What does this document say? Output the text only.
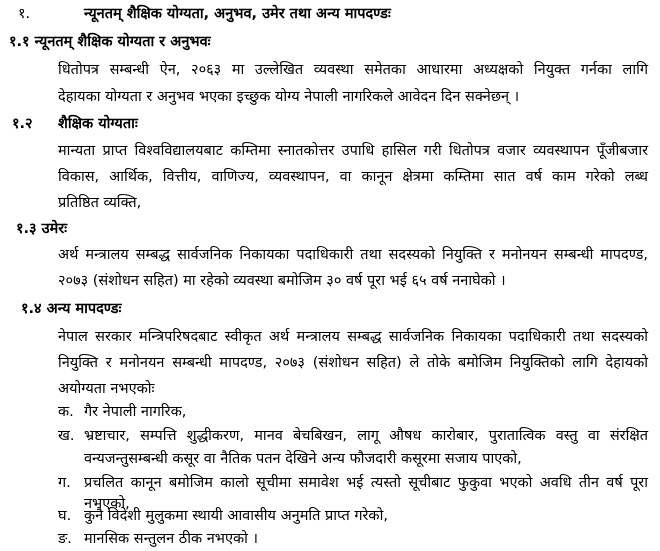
१.	न्यूनतम् शैक्षिक योग्यता, अनुभव, उमेर तथा अन्य मापदण्डः
१.१ न्यूनतम् शैक्षिक योग्यता र अनुभवः
धितोपत्र सम्बन्धी ऐन, २०६३ मा उल्लेखित व्यवस्था समेतका आधारमा अध्यक्षको नियुक्त गर्नका लागि
देहायका योग्यता र अनुभव भएका इच्छुक योग्य नेपाली नागरिकले आवेदन दिन सक्नेछन् ।
१.२ शैक्षिक योग्यताः
मान्यता प्राप्त विश्वविद्यालयबाट कम्तिमा स्नातकोत्तर उपाधि हासिल गरी धितोपत्र वजार व्यवस्थापन पूँजीबजार
विकास, आर्थिक, वित्तीय, वाणिज्य, व्यवस्थापन, वा कानून क्षेत्रमा कम्तिमा सात वर्ष काम गरेको लब्ध
प्रतिष्ठित व्यक्ति,
१.३ उमेरः
अर्थ मन्त्रालय सम्बद्ध सार्वजनिक निकायका पदाधिकारी तथा सदस्यको नियुक्ति र मनोनयन सम्बन्धी मापदण्ड,
२०७३ (संशोधन सहित) मा रहेको व्यवस्था बमोजिम ३० वर्ष पूरा भई ६५ वर्ष ननाघेको ।
१.४ अन्य मापदण्डः
नेपाल सरकार मन्त्रिपरिषदबाट स्वीकृत अर्थ मन्त्रालय सम्बद्ध सार्वजनिक निकायका पदाधिकारी तथा सदस्यको
नियुक्ति र मनोनयन सम्बन्धी मापदण्ड, २०७३ (संशोधन सहित) ले तोके बमोजिम नियुक्तिको लागि देहायको
अयोग्यता नभएकोः
क. गैर नेपाली नागरिक,
ख. भ्रष्टाचार, सम्पत्ति शुद्धीकरण, मानव बेचबिखन, लागू औषध कारोबार, पुरातात्विक वस्तु वा संरक्षित
वन्यजन्तुसम्बन्धी कसूर वा नैतिक पतन देखिने अन्य फौजदारी कसूरमा सजाय पाएको,
ग. प्रचलित कानून बमोजिम कालो सूचीमा समावेश भई त्यस्तो सूचीबाट फुकुवा भएको अवधि तीन वर्ष पूरा
नभएको,
घ. कुनै विदेशी मुलुकमा स्थायी आवासीय अनुमति प्राप्त गरेको,
ङ. मानसिक सन्तुलन ठीक नभएको ।
